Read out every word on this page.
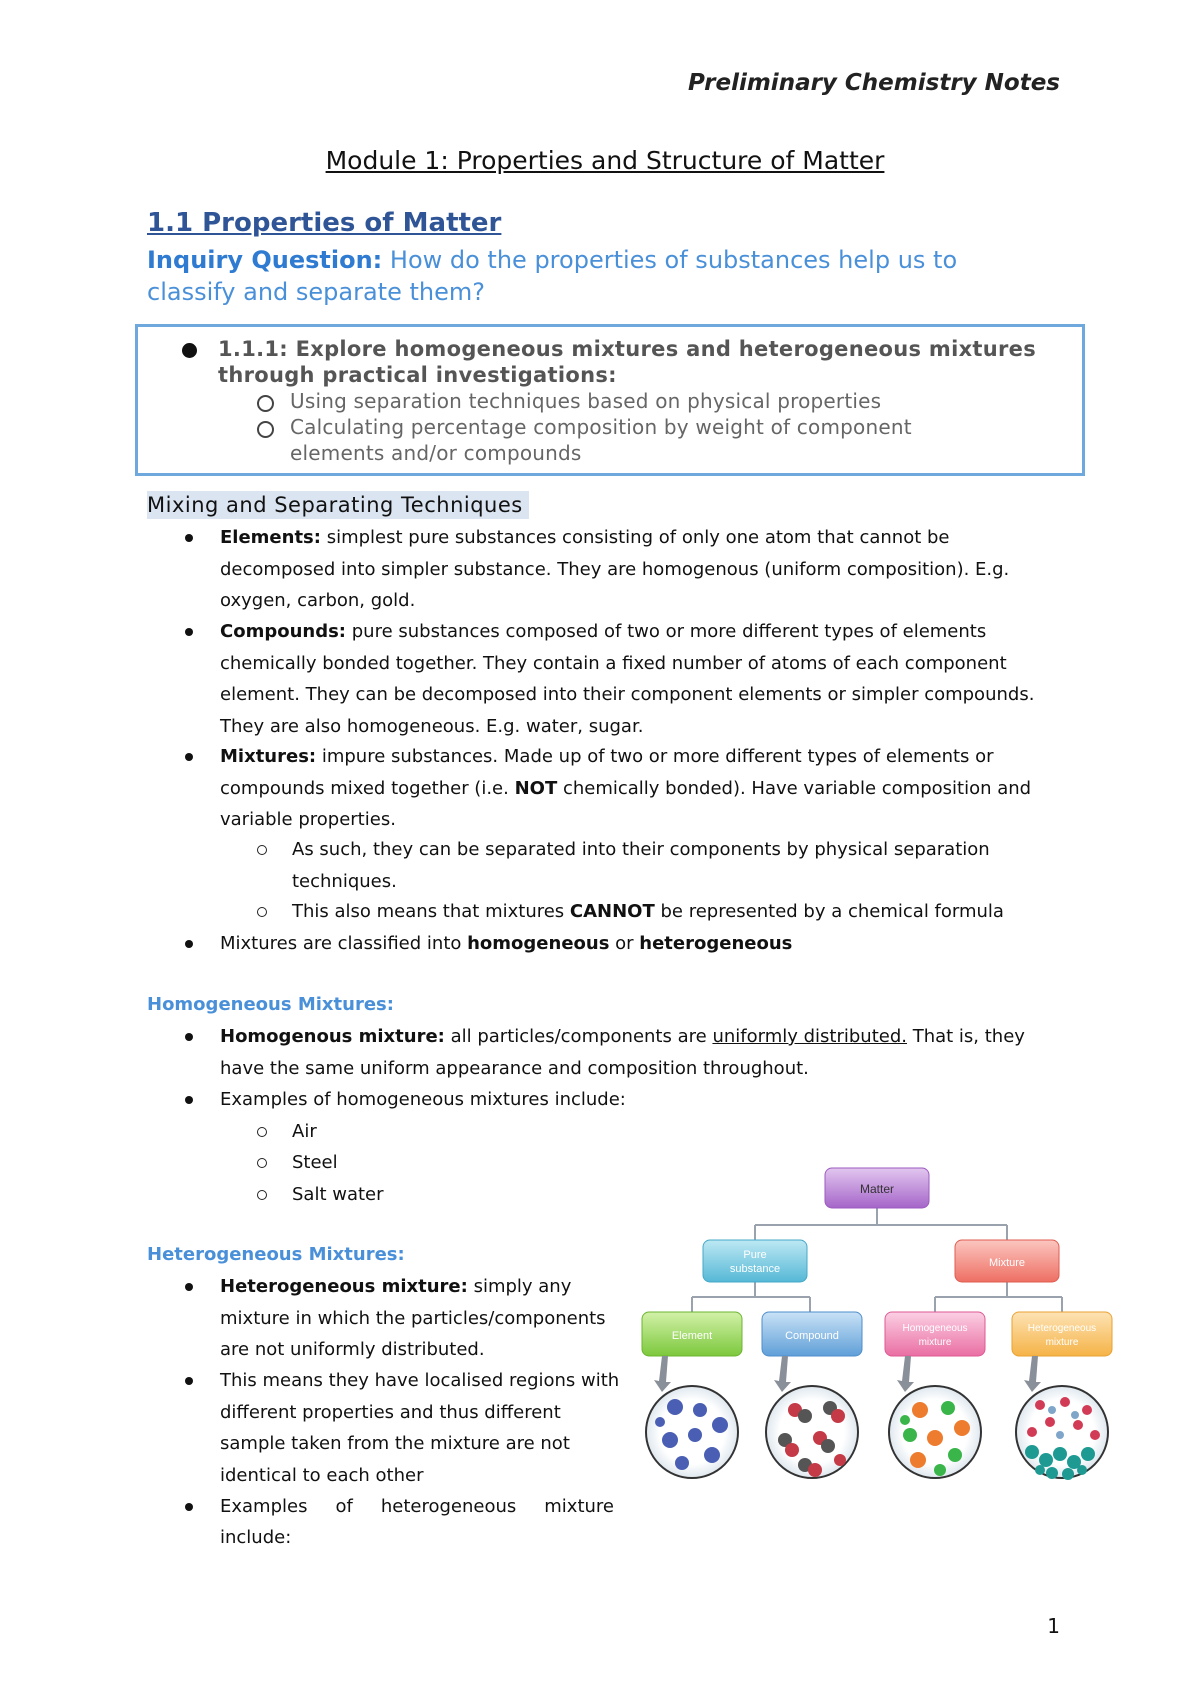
Preliminary Chemistry Notes
Module 1: Properties and Structure of Matter
1.1 Properties of Matter
Inquiry Question: How do the properties of substances help us to classify and separate them?
1.1.1: Explore homogeneous mixtures and heterogeneous mixtures through practical investigations:
Using separation techniques based on physical properties
Calculating percentage composition by weight of component elements and/or compounds
Mixing and Separating Techniques
Elements: simplest pure substances consisting of only one atom that cannot be decomposed into simpler substance. They are homogenous (uniform composition). E.g. oxygen, carbon, gold.
Compounds: pure substances composed of two or more different types of elements chemically bonded together. They contain a fixed number of atoms of each component element. They can be decomposed into their component elements or simpler compounds. They are also homogeneous. E.g. water, sugar.
Mixtures: impure substances. Made up of two or more different types of elements or compounds mixed together (i.e. NOT chemically bonded). Have variable composition and variable properties.
As such, they can be separated into their components by physical separation techniques.
This also means that mixtures CANNOT be represented by a chemical formula
Mixtures are classified into homogeneous or heterogeneous
Homogeneous Mixtures:
Homogenous mixture: all particles/components are uniformly distributed. That is, they have the same uniform appearance and composition throughout.
Examples of homogeneous mixtures include:
Air
Steel
Salt water
Heterogeneous Mixtures:
Heterogeneous mixture: simply any mixture in which the particles/components are not uniformly distributed.
This means they have localised regions with different properties and thus different sample taken from the mixture are not identical to each other
Examples of heterogeneous mixture
include:
Matter
Pure
substance	Mixture
Element	Compound
Homogeneous
mixture
Heterogeneous
mixture
1
